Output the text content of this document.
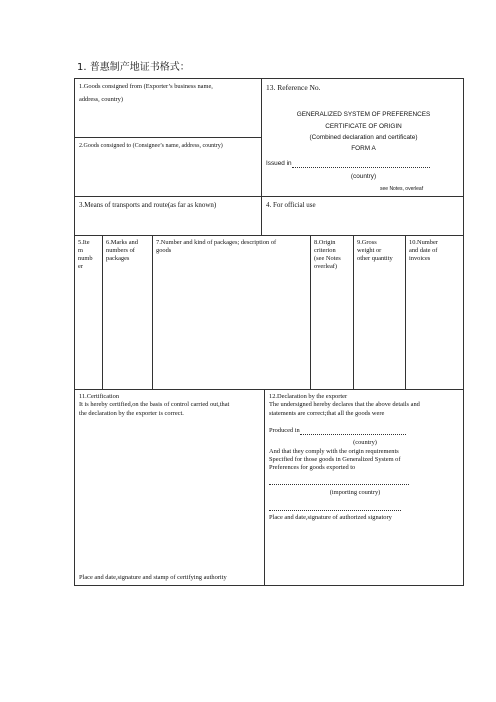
1. 普惠制产地证书格式：
1.Goods consigned from (Exporter’s business name,
address, country)
2.Goods consigned to (Consignee’s name, address, country)
13. Reference No.
GENERALIZED SYSTEM OF PREFERENCES
CERTIFICATE OF ORIGIN
(Combined declaration and certificate)
FORM A
Issued in
(country)
see Notes, overleaf
3.Means of transports and route(as far as known)	4. For official use
5.Ite
m
numb
er
6.Marks and
numbers of
packages
7.Number and kind of packages; description of
goods
8.Origin
criterion
(see Notes
overleaf)
9.Gross
weight or
other quantity
10.Number
and date of
invoices
11.Certification
It is hereby certified,on the basis of control carried out,that
the declaration by the exporter is correct.
Place and date,signature and stamp of certifying authority
12.Declaration by the exporter
The undersigned hereby declares that the above details and
statements are correct;that all the goods were
Produced in
(country)
And that they comply with the origin requirements
Specified for those goods in Generalized System of
Preferences for goods exported to
(importing country)
Place and date,signature of authorized signatory
